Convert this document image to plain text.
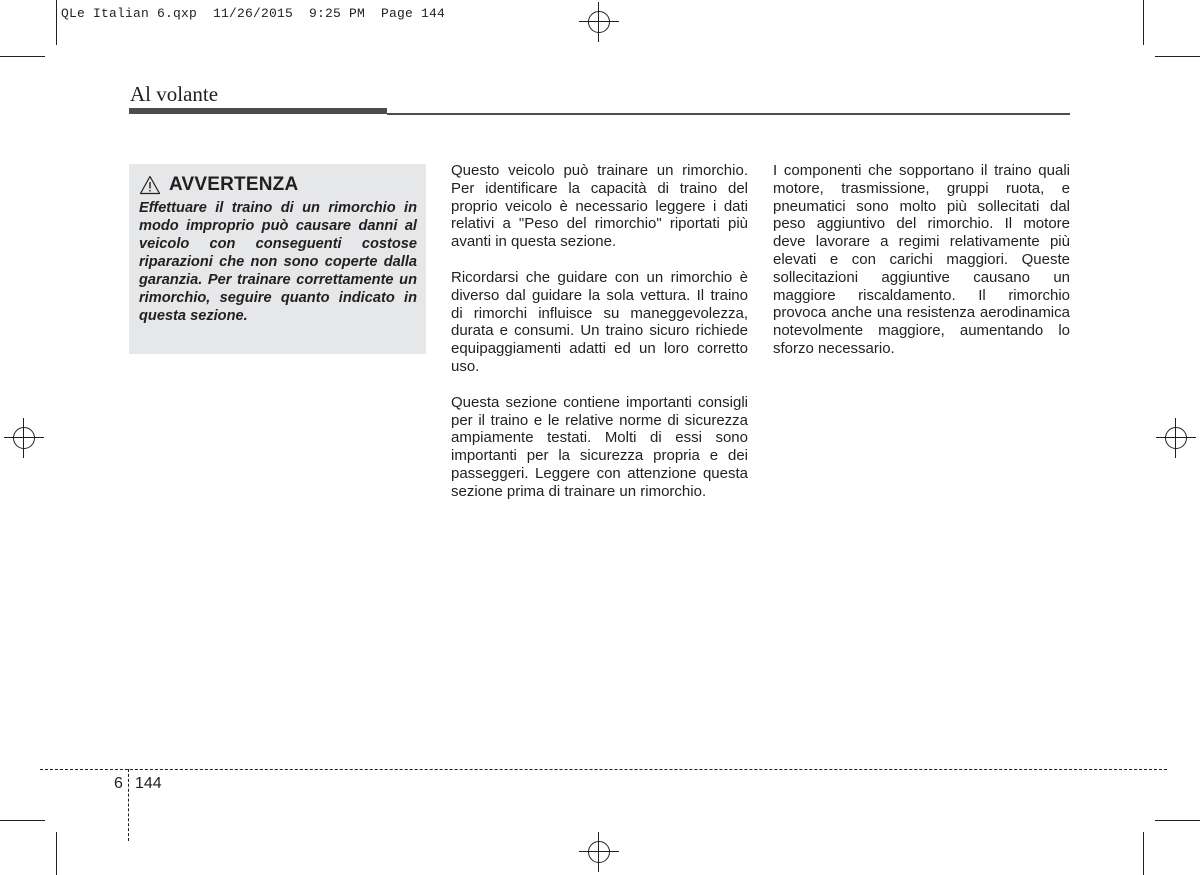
QLe Italian 6.qxp  11/26/2015  9:25 PM  Page 144
Al volante
AVVERTENZA

Effettuare il traino di un rimorchio in modo improprio può causare danni al veicolo con conseguenti costose riparazioni che non sono coperte dalla garanzia. Per trainare correttamente un rimorchio, seguire quanto indicato in questa sezione.

Questo veicolo può trainare un rimorchio. Per identificare la capacità di traino del proprio veicolo è necessario leggere i dati relativi a "Peso del rimorchio" riportati più avanti in questa sezione.

Ricordarsi che guidare con un rimorchio è diverso dal guidare la sola vettura. Il traino di rimorchi influisce su maneggevolezza, durata e consumi. Un traino sicuro richiede equipaggiamenti adatti ed un loro corretto uso.

Questa sezione contiene importanti consigli per il traino e le relative norme di sicurezza ampiamente testati. Molti di essi sono importanti per la sicurezza propria e dei passeggeri. Leggere con attenzione questa sezione prima di trainare un rimorchio.

I componenti che sopportano il traino quali motore, trasmissione, gruppi ruota, e pneumatici sono molto più sollecitati dal peso aggiuntivo del rimorchio. Il motore deve lavorare a regimi relativamente più elevati e con carichi maggiori. Queste sollecitazioni aggiuntive causano un maggiore riscaldamento. Il rimorchio provoca anche una resistenza aerodinamica notevolmente maggiore, aumentando lo sforzo necessario.

6 144
